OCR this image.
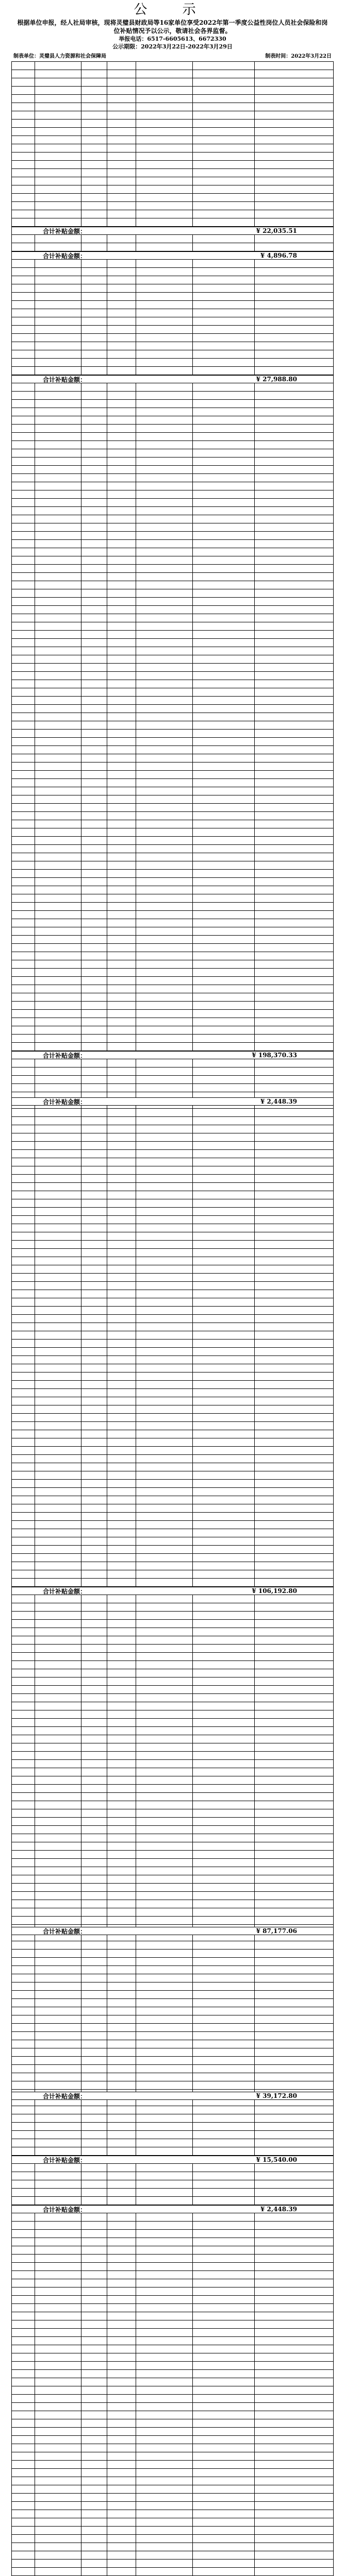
公 示
根据单位申报，经人社局审核，现将灵璧县财政局等16家单位享受2022年第一季度公益性岗位人员社会保险和岗位补贴情况予以公示，敬请社会各界监督。
举报电话：6517-6605613、6672330
公示期限：2022年3月22日-2022年3月29日
制表单位：灵璧县人力资源和社会保障局	制表时间：2022年3月22日
合计补贴金额：	¥ 22,035.51
合计补贴金额：	¥ 4,896.78
合计补贴金额：	¥ 27,988.80
合计补贴金额：	¥ 198,370.33
合计补贴金额：	¥ 2,448.39
合计补贴金额：	¥ 106,192.80
合计补贴金额：	¥ 87,177.06
合计补贴金额：	¥ 39,172.80
合计补贴金额：	¥ 15,540.00
合计补贴金额：	¥ 2,448.39
